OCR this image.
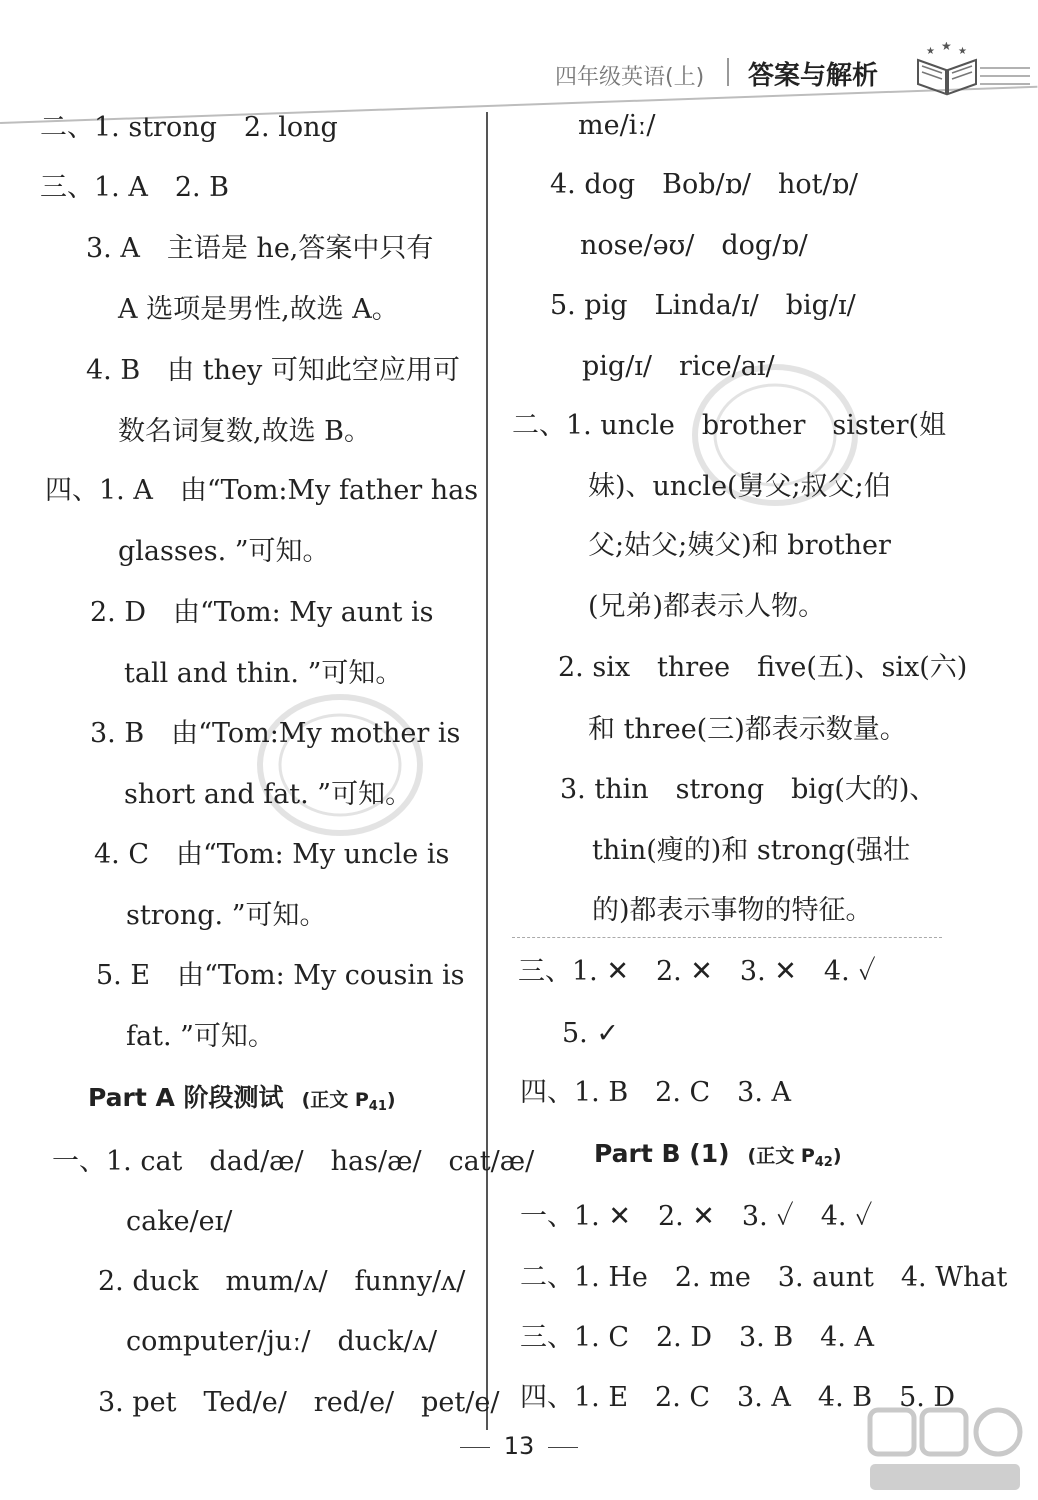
四年级英语(上) 答案与解析
★ ★ ★
二、1. strong　2. long
三、1. A　2. B
3. A　主语是 he,答案中只有
A 选项是男性,故选 A。
4. B　由 they 可知此空应用可
数名词复数,故选 B。
四、1. A　由“Tom:My father has
glasses. ”可知。
2. D　由“Tom: My aunt is
tall and thin. ”可知。
3. B　由“Tom:My mother is
short and fat. ”可知。
4. C　由“Tom: My uncle is
strong. ”可知。
5. E　由“Tom: My cousin is
fat. ”可知。
Part A 阶段测试 (正文 $P_{41}$)
一、1. cat　dad/æ/　has/æ/　cat/æ/
cake/eɪ/
2. duck　mum/ʌ/　funny/ʌ/
computer/juː/　duck/ʌ/
3. pet　Ted/e/　red/e/　pet/e/
me/iː/
4. dog　Bob/ɒ/　hot/ɒ/
nose/əʊ/　dog/ɒ/
5. pig　Linda/ɪ/　big/ɪ/
pig/ɪ/　rice/aɪ/
二、1. uncle　brother　sister(姐
妹)、uncle(舅父;叔父;伯
父;姑父;姨父)和 brother
(兄弟)都表示人物。
2. six　three　five(五)、six(六)
和 three(三)都表示数量。
3. thin　strong　big(大的)、
thin(瘦的)和 strong(强壮
的)都表示事物的特征。
三、1. ✕　2. ✕　3. ✕　4. ✓
5. ✓
四、1. B　2. C　3. A
Part B (1) (正文 $P_{42}$)
一、1. ✕　2. ✕　3. ✓　4. ✓
二、1. He　2. me　3. aunt　4. What
三、1. C　2. D　3. B　4. A
四、1. E　2. C　3. A　4. B　5. D
13
